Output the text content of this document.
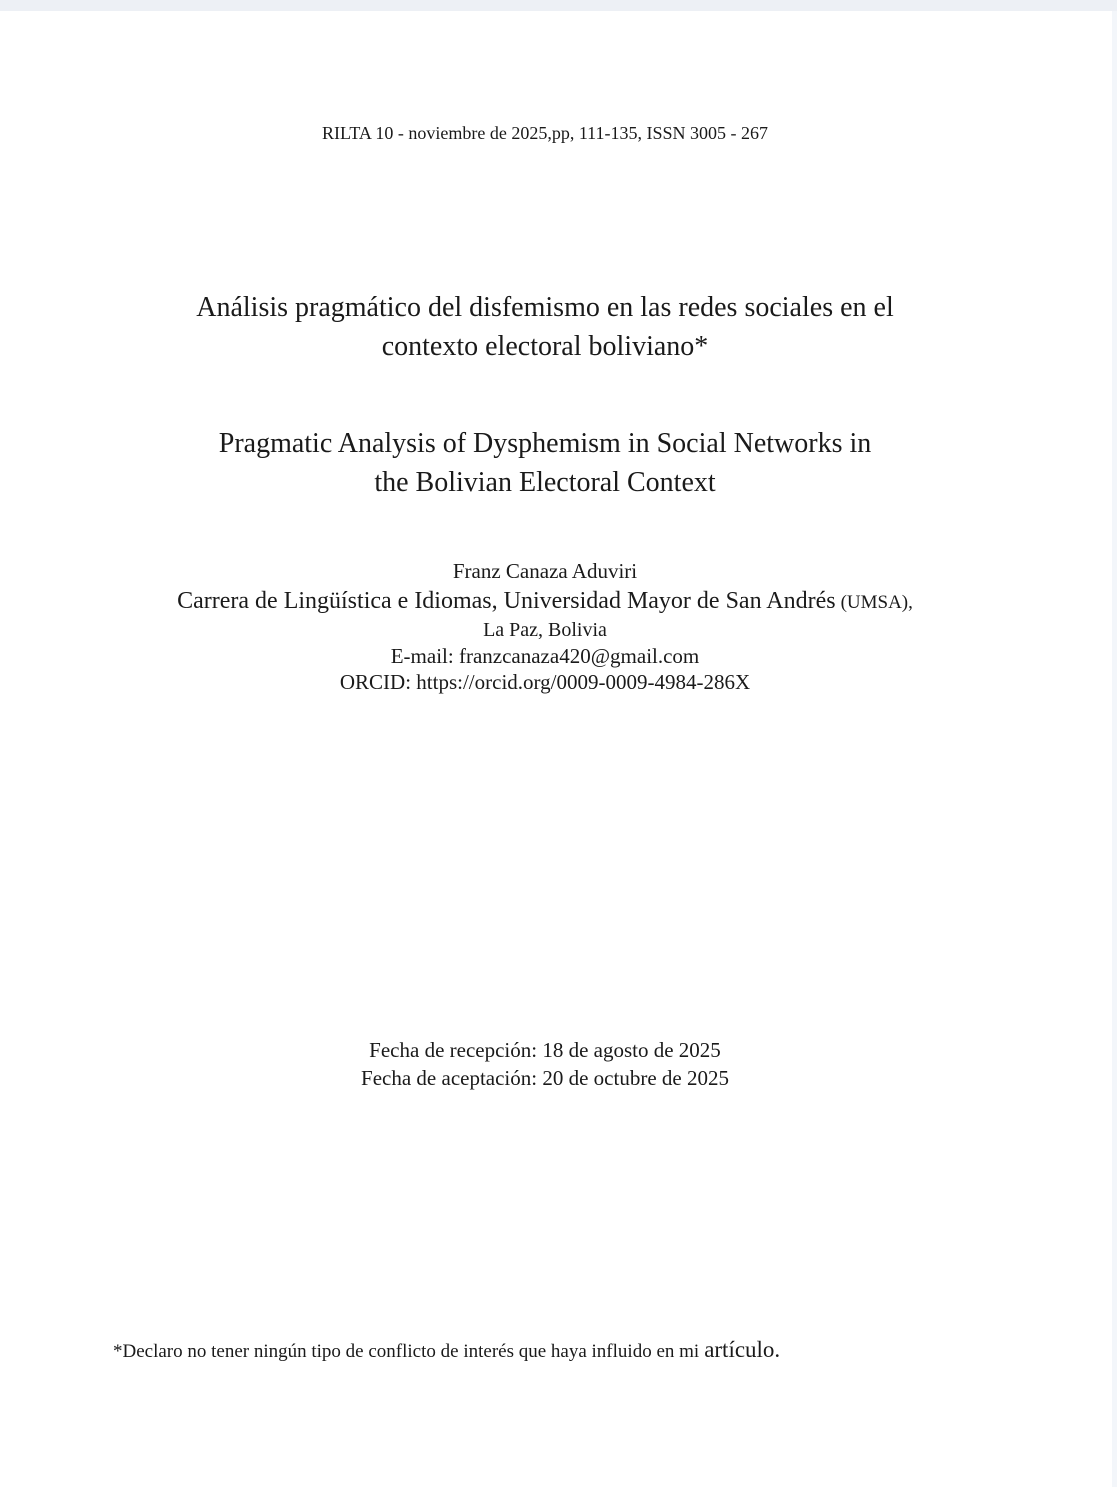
RILTA 10 - noviembre de 2025,pp, 111-135, ISSN 3005 - 267
Análisis pragmático del disfemismo en las redes sociales en el
contexto electoral boliviano*
Pragmatic Analysis of Dysphemism in Social Networks in
the Bolivian Electoral Context
Franz Canaza Aduviri
Carrera de Lingüística e Idiomas, Universidad Mayor de San Andrés (UMSA),
La Paz, Bolivia
E-mail: franzcanaza420@gmail.com
ORCID: https://orcid.org/0009-0009-4984-286X
Fecha de recepción: 18 de agosto de 2025
Fecha de aceptación: 20 de octubre de 2025
*Declaro no tener ningún tipo de conflicto de interés que haya influido en mi artículo.
